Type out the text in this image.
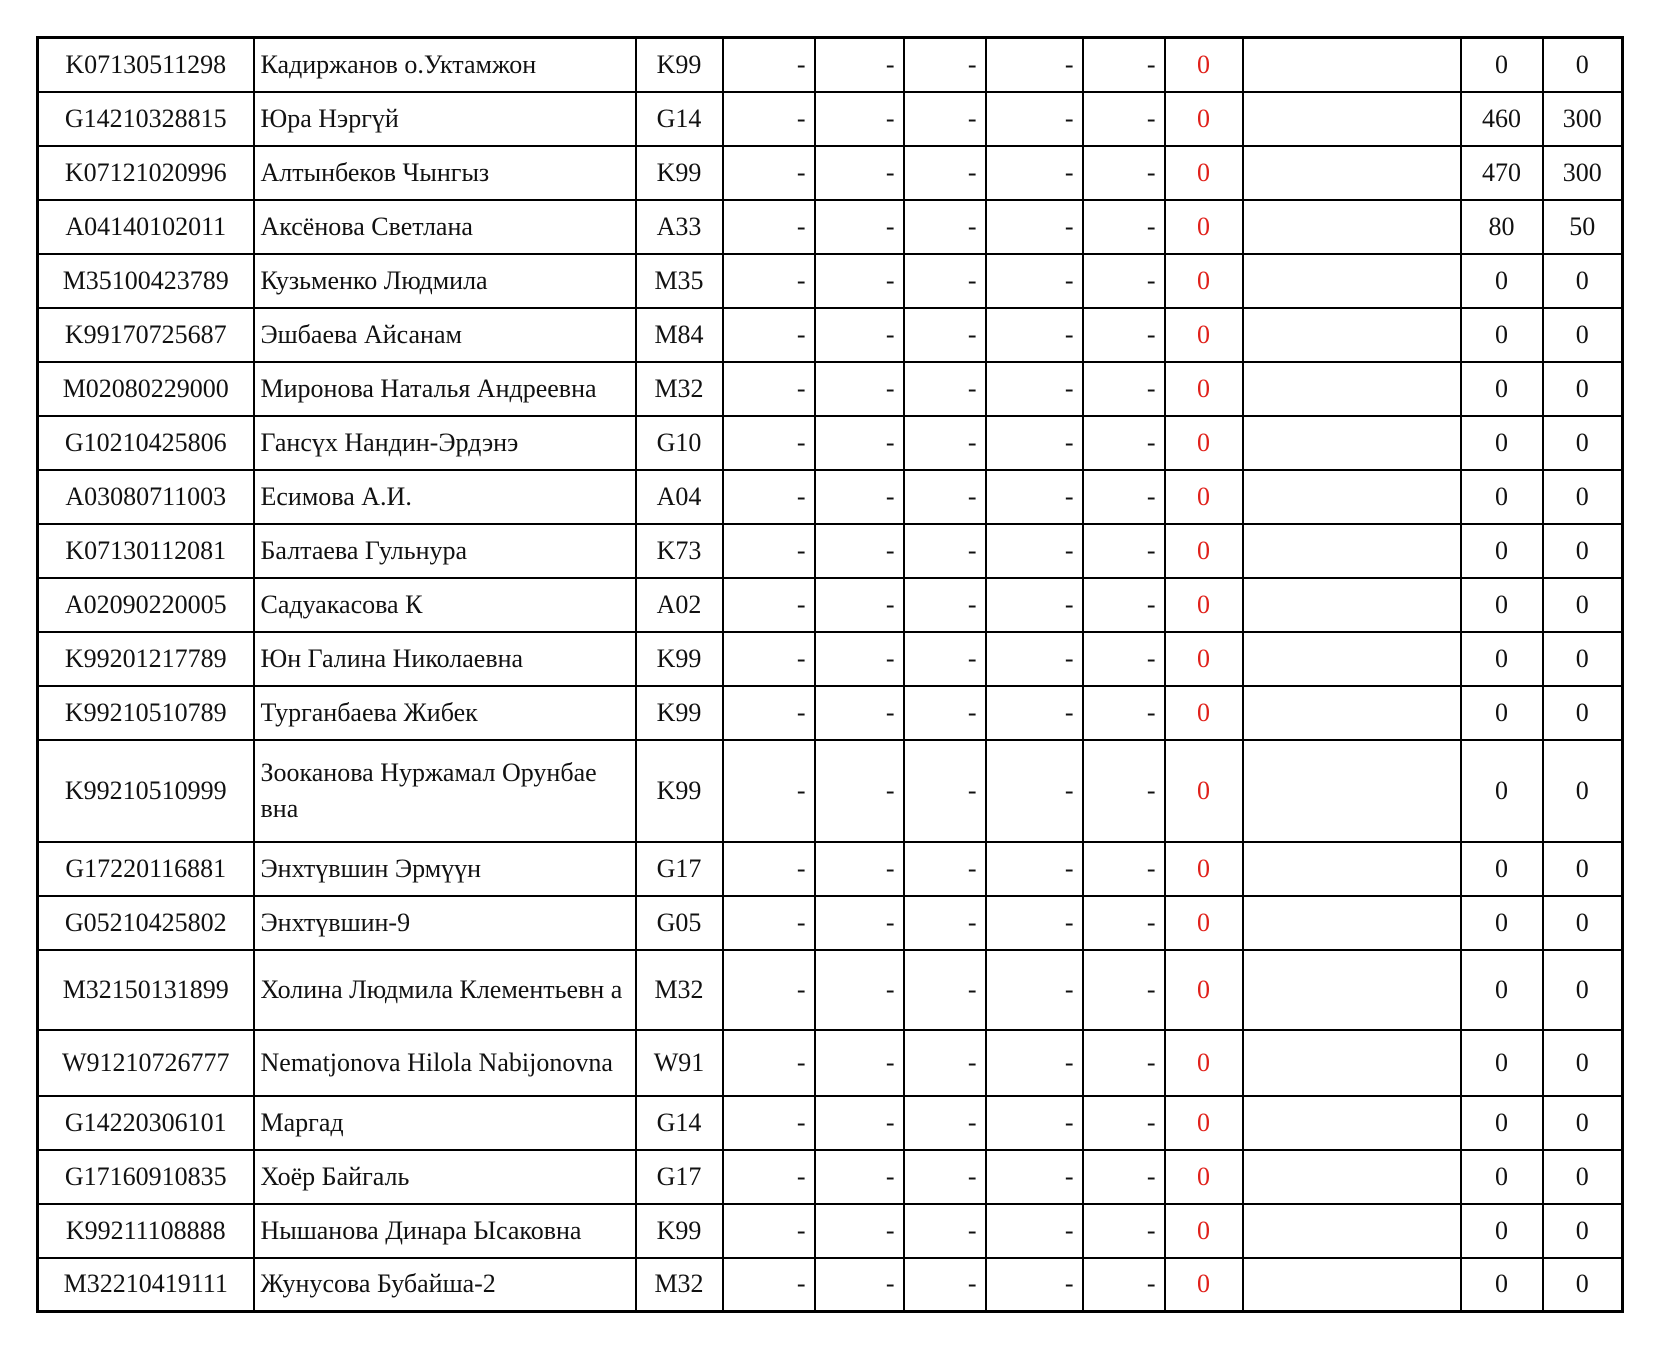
K07130511298	Кадиржанов о.Уктамжон	K99	-	-	-	-	-	0		0	0
G14210328815	Юра Нэргүй	G14	-	-	-	-	-	0		460	300
K07121020996	Алтынбеков Чынгыз	K99	-	-	-	-	-	0		470	300
A04140102011	Аксёнова Светлана	A33	-	-	-	-	-	0		80	50
M35100423789	Кузьменко Людмила	M35	-	-	-	-	-	0		0	0
K99170725687	Эшбаева Айсанам	M84	-	-	-	-	-	0		0	0
M02080229000	Миронова Наталья Андреевна	M32	-	-	-	-	-	0		0	0
G10210425806	Гансүх Нандин-Эрдэнэ	G10	-	-	-	-	-	0		0	0
A03080711003	Есимова А.И.	A04	-	-	-	-	-	0		0	0
K07130112081	Балтаева Гульнура	K73	-	-	-	-	-	0		0	0
A02090220005	Садуакасова К	A02	-	-	-	-	-	0		0	0
K99201217789	Юн Галина Николаевна	K99	-	-	-	-	-	0		0	0
K99210510789	Турганбаева Жибек	K99	-	-	-	-	-	0		0	0
K99210510999	Зооканова Нуржамал Орунбае вна	K99	-	-	-	-	-	0		0	0
G17220116881	Энхтүвшин Эрмүүн	G17	-	-	-	-	-	0		0	0
G05210425802	Энхтүвшин-9	G05	-	-	-	-	-	0		0	0
M32150131899	Холина Людмила Клементьевн а	M32	-	-	-	-	-	0		0	0
W91210726777	Nematjonova Hilola Nabijonovna	W91	-	-	-	-	-	0		0	0
G14220306101	Маргад	G14	-	-	-	-	-	0		0	0
G17160910835	Хоёр Байгаль	G17	-	-	-	-	-	0		0	0
K99211108888	Нышанова Динара Ысаковна	K99	-	-	-	-	-	0		0	0
M32210419111	Жунусова Бубайша-2	M32	-	-	-	-	-	0		0	0
